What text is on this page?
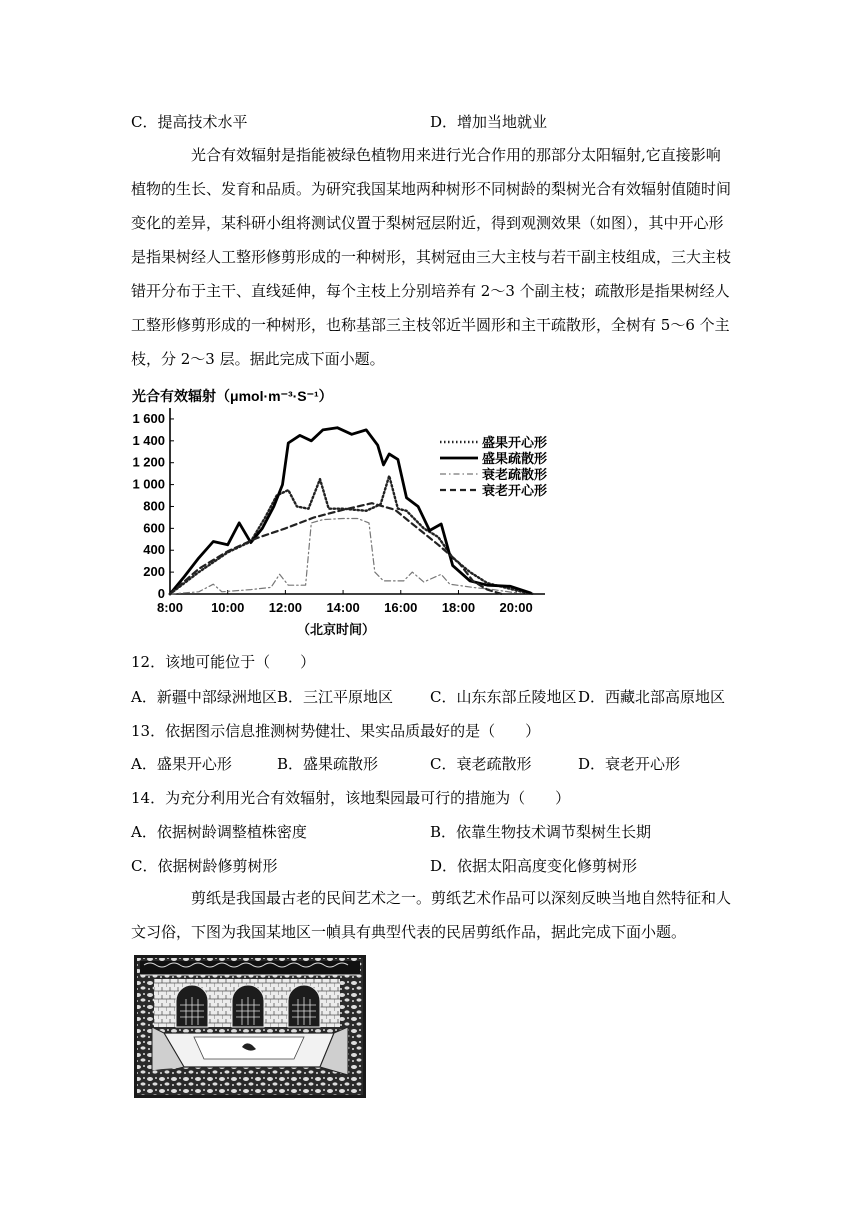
C．提高技术水平	D．增加当地就业
光合有效辐射是指能被绿色植物用来进行光合作用的那部分太阳辐射,它直接影响
植物的生长、发育和品质。为研究我国某地两种树形不同树龄的梨树光合有效辐射值随时间
变化的差异，某科研小组将测试仪置于梨树冠层附近，得到观测效果（如图），其中开心形
是指果树经人工整形修剪形成的一种树形，其树冠由三大主枝与若干副主枝组成，三大主枝
错开分布于主干、直线延伸，每个主枝上分别培养有 2～3 个副主枝；疏散形是指果树经人
工整形修剪形成的一种树形，也称基部三主枝邻近半圆形和主干疏散形，全树有 5～6 个主
枝，分 2～3 层。据此完成下面小题。
光合有效辐射（μmol·m⁻³·S⁻¹）
0
200
400
600
800
1 000
1 200
1 400
1 600
8:00 10:00 12:00 14:00 16:00 18:00 20:00
盛果开心形
盛果疏散形
衰老疏散形
衰老开心形
（北京时间）
12．该地可能位于（　　）
A．新疆中部绿洲地区 B．三江平原地区 C．山东东部丘陵地区 D．西藏北部高原地区
13．依据图示信息推测树势健壮、果实品质最好的是（　　）
A．盛果开心形	B．盛果疏散形	C．衰老疏散形	D．衰老开心形
14．为充分利用光合有效辐射，该地梨园最可行的措施为（　　）
A．依据树龄调整植株密度	B．依靠生物技术调节梨树生长期
C．依据树龄修剪树形	D．依据太阳高度变化修剪树形
剪纸是我国最古老的民间艺术之一。剪纸艺术作品可以深刻反映当地自然特征和人
文习俗，下图为我国某地区一幀具有典型代表的民居剪纸作品，据此完成下面小题。
